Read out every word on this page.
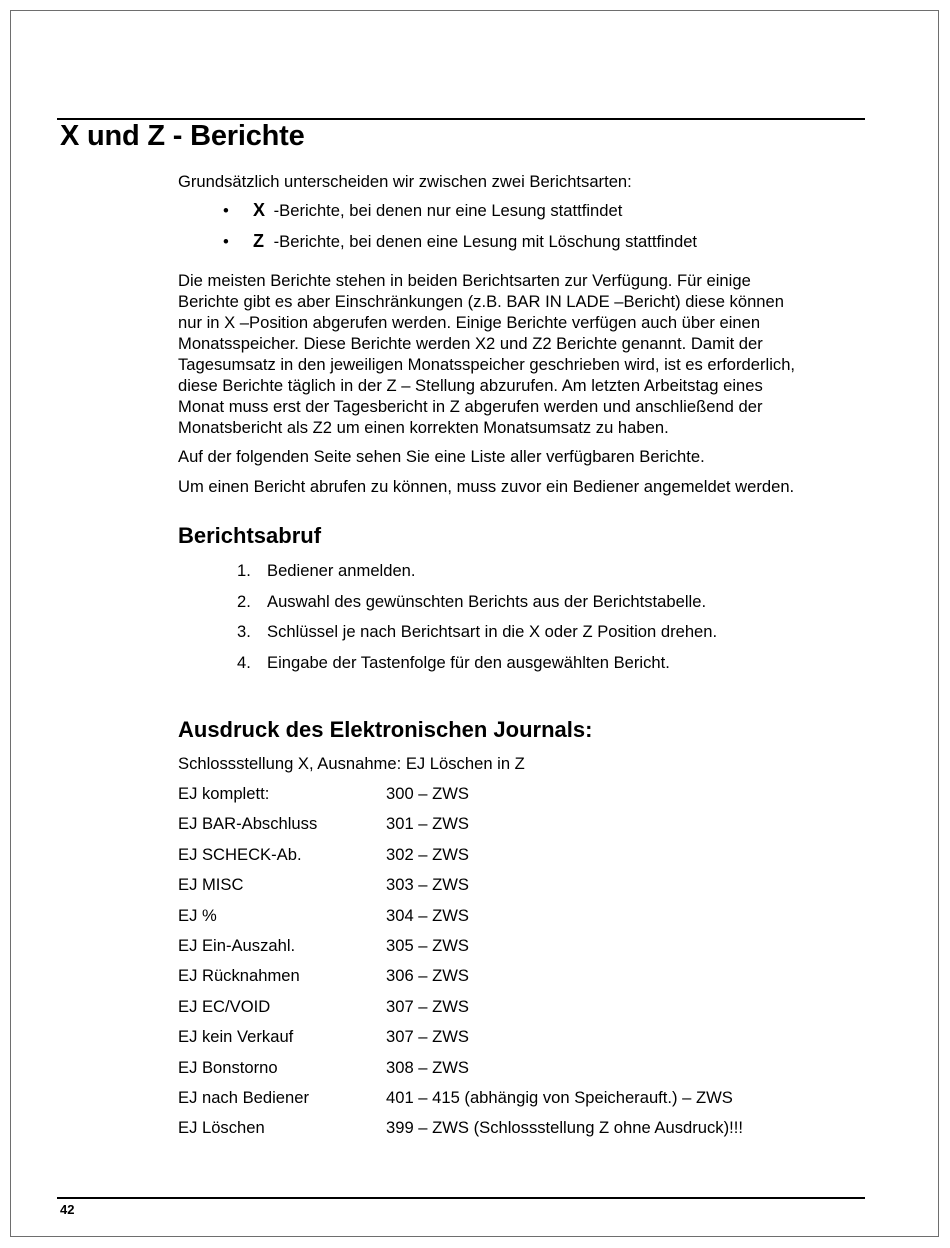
X und Z - Berichte

Grundsätzlich unterscheiden wir zwischen zwei Berichtsarten:

• X -Berichte, bei denen nur eine Lesung stattfindet
• Z -Berichte, bei denen eine Lesung mit Löschung stattfindet

Die meisten Berichte stehen in beiden Berichtsarten zur Verfügung. Für einige
Berichte gibt es aber Einschränkungen (z.B. BAR IN LADE –Bericht) diese können
nur in X –Position abgerufen werden. Einige Berichte verfügen auch über einen
Monatsspeicher. Diese Berichte werden X2 und Z2 Berichte genannt. Damit der
Tagesumsatz in den jeweiligen Monatsspeicher geschrieben wird, ist es erforderlich,
diese Berichte täglich in der Z – Stellung abzurufen. Am letzten Arbeitstag eines
Monat muss erst der Tagesbericht in Z abgerufen werden und anschließend der
Monatsbericht als Z2 um einen korrekten Monatsumsatz zu haben.

Auf der folgenden Seite sehen Sie eine Liste aller verfügbaren Berichte.

Um einen Bericht abrufen zu können, muss zuvor ein Bediener angemeldet werden.

Berichtsabruf
1. Bediener anmelden.
2. Auswahl des gewünschten Berichts aus der Berichtstabelle.
3. Schlüssel je nach Berichtsart in die X oder Z Position drehen.
4. Eingabe der Tastenfolge für den ausgewählten Bericht.
Ausdruck des Elektronischen Journals:

Schlossstellung X, Ausnahme: EJ Löschen in Z

EJ komplett:	300 – ZWS
EJ BAR-Abschluss	301 – ZWS
EJ SCHECK-Ab.	302 – ZWS
EJ MISC	303 – ZWS
EJ %	304 – ZWS
EJ Ein-Auszahl.	305 – ZWS
EJ Rücknahmen	306 – ZWS
EJ EC/VOID	307 – ZWS
EJ kein Verkauf	307 – ZWS
EJ Bonstorno	308 – ZWS
EJ nach Bediener	401 – 415 (abhängig von Speicherauft.) – ZWS
EJ Löschen	399 – ZWS (Schlossstellung Z ohne Ausdruck)!!!
42
